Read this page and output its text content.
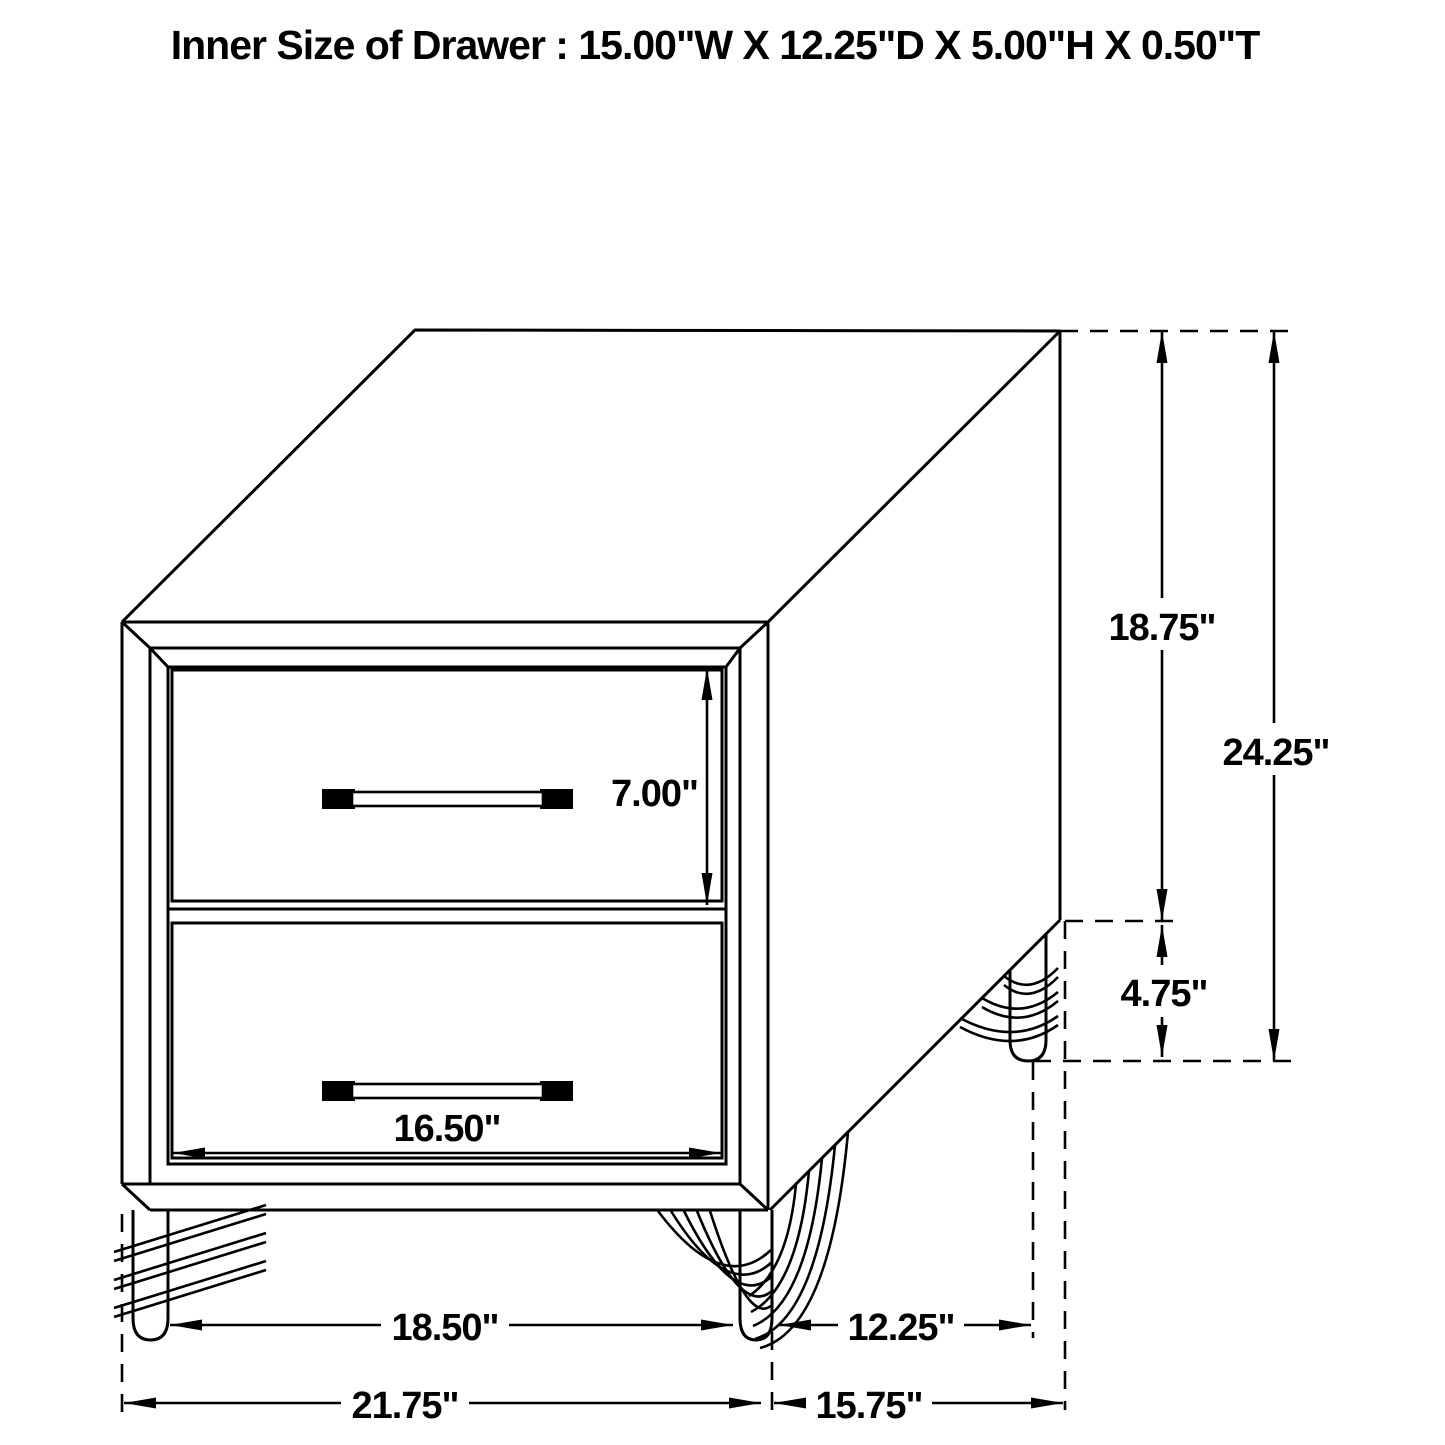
18.75"
24.25"
4.75"
7.00"
16.50"
18.50"	12.25"
21.75"	15.75"
Inner Size of Drawer : 15.00"W X 12.25"D X 5.00"H X 0.50"T
